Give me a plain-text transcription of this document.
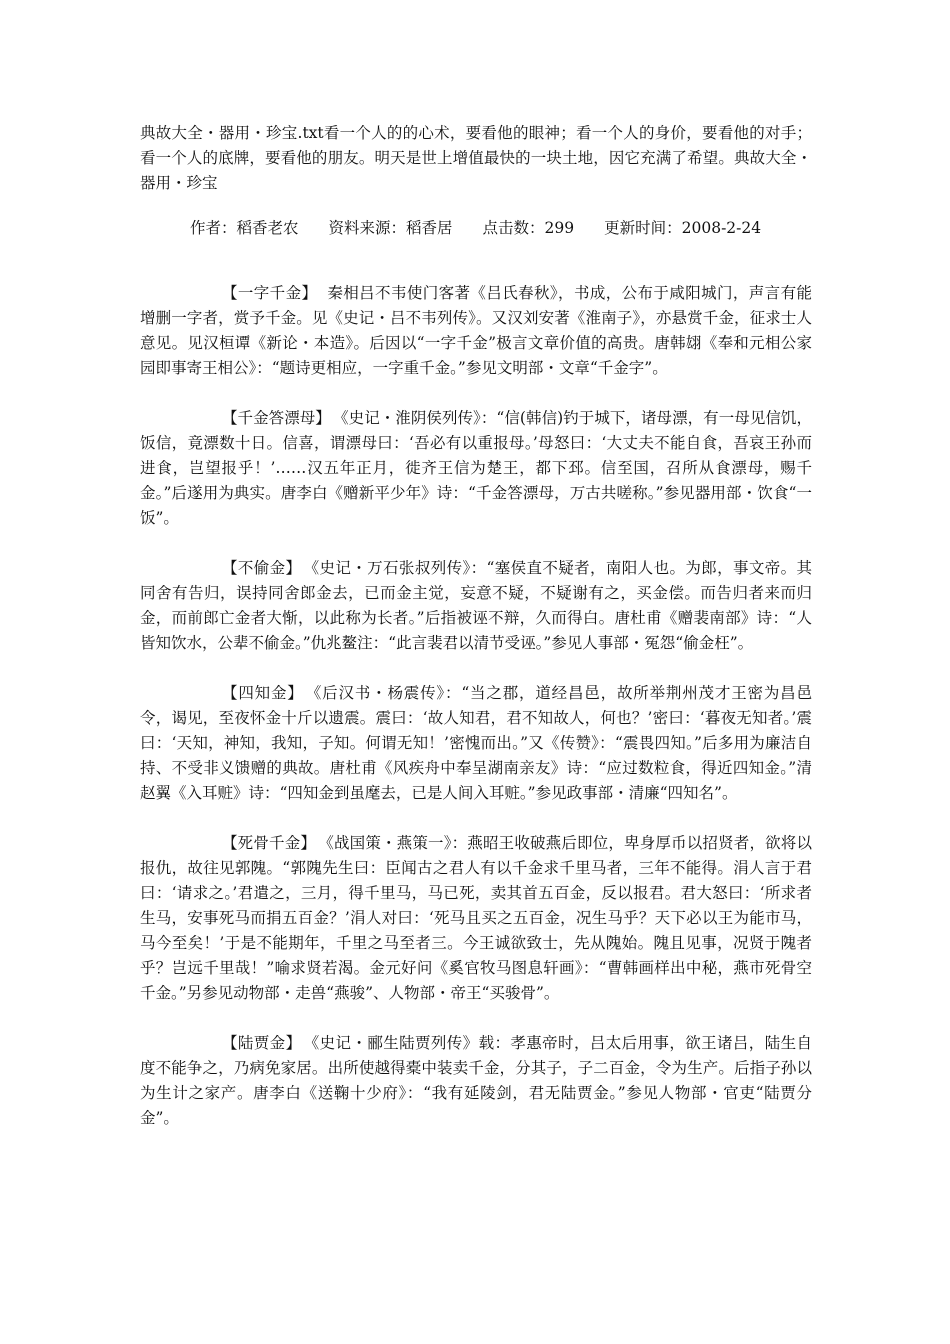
典故大全・器用・珍宝.txt看一个人的的心术，要看他的眼神；看一个人的身价，要看他的对手；看一个人的底牌，要看他的朋友。明天是世上增值最快的一块土地，因它充满了希望。典故大全・器用・珍宝

作者：稻香老农 资料来源：稻香居 点击数：299 更新时间：2008-2-24

【一字千金】 秦相吕不韦使门客著《吕氏春秋》，书成，公布于咸阳城门，声言有能增删一字者，赏予千金。见《史记・吕不韦列传》。又汉刘安著《淮南子》，亦悬赏千金，征求士人意见。见汉桓谭《新论・本造》。后因以“一字千金”极言文章价值的高贵。唐韩翃《奉和元相公家园即事寄王相公》：“题诗更相应，一字重千金。”参见文明部・文章“千金字”。

【千金答漂母】 《史记・淮阴侯列传》：“信(韩信)钓于城下，诸母漂，有一母见信饥，饭信，竟漂数十日。信喜，谓漂母曰：‘吾必有以重报母。’母怒曰：‘大丈夫不能自食，吾哀王孙而进食，岂望报乎！’……汉五年正月，徙齐王信为楚王，都下邳。信至国，召所从食漂母，赐千金。”后遂用为典实。唐李白《赠新平少年》诗：“千金答漂母，万古共嗟称。”参见器用部・饮食“一饭”。

【不偷金】 《史记・万石张叔列传》：“塞侯直不疑者，南阳人也。为郎，事文帝。其同舍有告归，误持同舍郎金去，已而金主觉，妄意不疑，不疑谢有之，买金偿。而告归者来而归金，而前郎亡金者大惭，以此称为长者。”后指被诬不辩，久而得白。唐杜甫《赠裴南部》诗：“人皆知饮水，公辈不偷金。”仇兆鳌注：“此言裴君以清节受诬。”参见人事部・冤怨“偷金枉”。

【四知金】 《后汉书・杨震传》：“当之郡，道经昌邑，故所举荆州茂才王密为昌邑令，谒见，至夜怀金十斤以遗震。震曰：‘故人知君，君不知故人，何也？’密曰：‘暮夜无知者。’震曰：‘天知，神知，我知，子知。何谓无知！’密愧而出。”又《传赞》：“震畏四知。”后多用为廉洁自持、不受非义馈赠的典故。唐杜甫《风疾舟中奉呈湖南亲友》诗：“应过数粒食，得近四知金。”清赵翼《入耳赃》诗：“四知金到虽麾去，已是人间入耳赃。”参见政事部・清廉“四知名”。

【死骨千金】 《战国策・燕策一》：燕昭王收破燕后即位，卑身厚币以招贤者，欲将以报仇，故往见郭隗。“郭隗先生曰：臣闻古之君人有以千金求千里马者，三年不能得。涓人言于君曰：‘请求之。’君遣之，三月，得千里马，马已死，卖其首五百金，反以报君。君大怒曰：‘所求者生马，安事死马而捐五百金？’涓人对曰：‘死马且买之五百金，况生马乎？天下必以王为能市马，马今至矣！’于是不能期年，千里之马至者三。今王诚欲致士，先从隗始。隗且见事，况贤于隗者乎？岂远千里哉！”喻求贤若渴。金元好问《奚官牧马图息轩画》：“曹韩画样出中秘，燕市死骨空千金。”另参见动物部・走兽“燕骏”、人物部・帝王“买骏骨”。

【陆贾金】 《史记・郦生陆贾列传》载：孝惠帝时，吕太后用事，欲王诸吕，陆生自度不能争之，乃病免家居。出所使越得橐中装卖千金，分其子，子二百金，令为生产。后指子孙以为生计之家产。唐李白《送鞠十少府》：“我有延陵剑，君无陆贾金。”参见人物部・官吏“陆贾分金”。
